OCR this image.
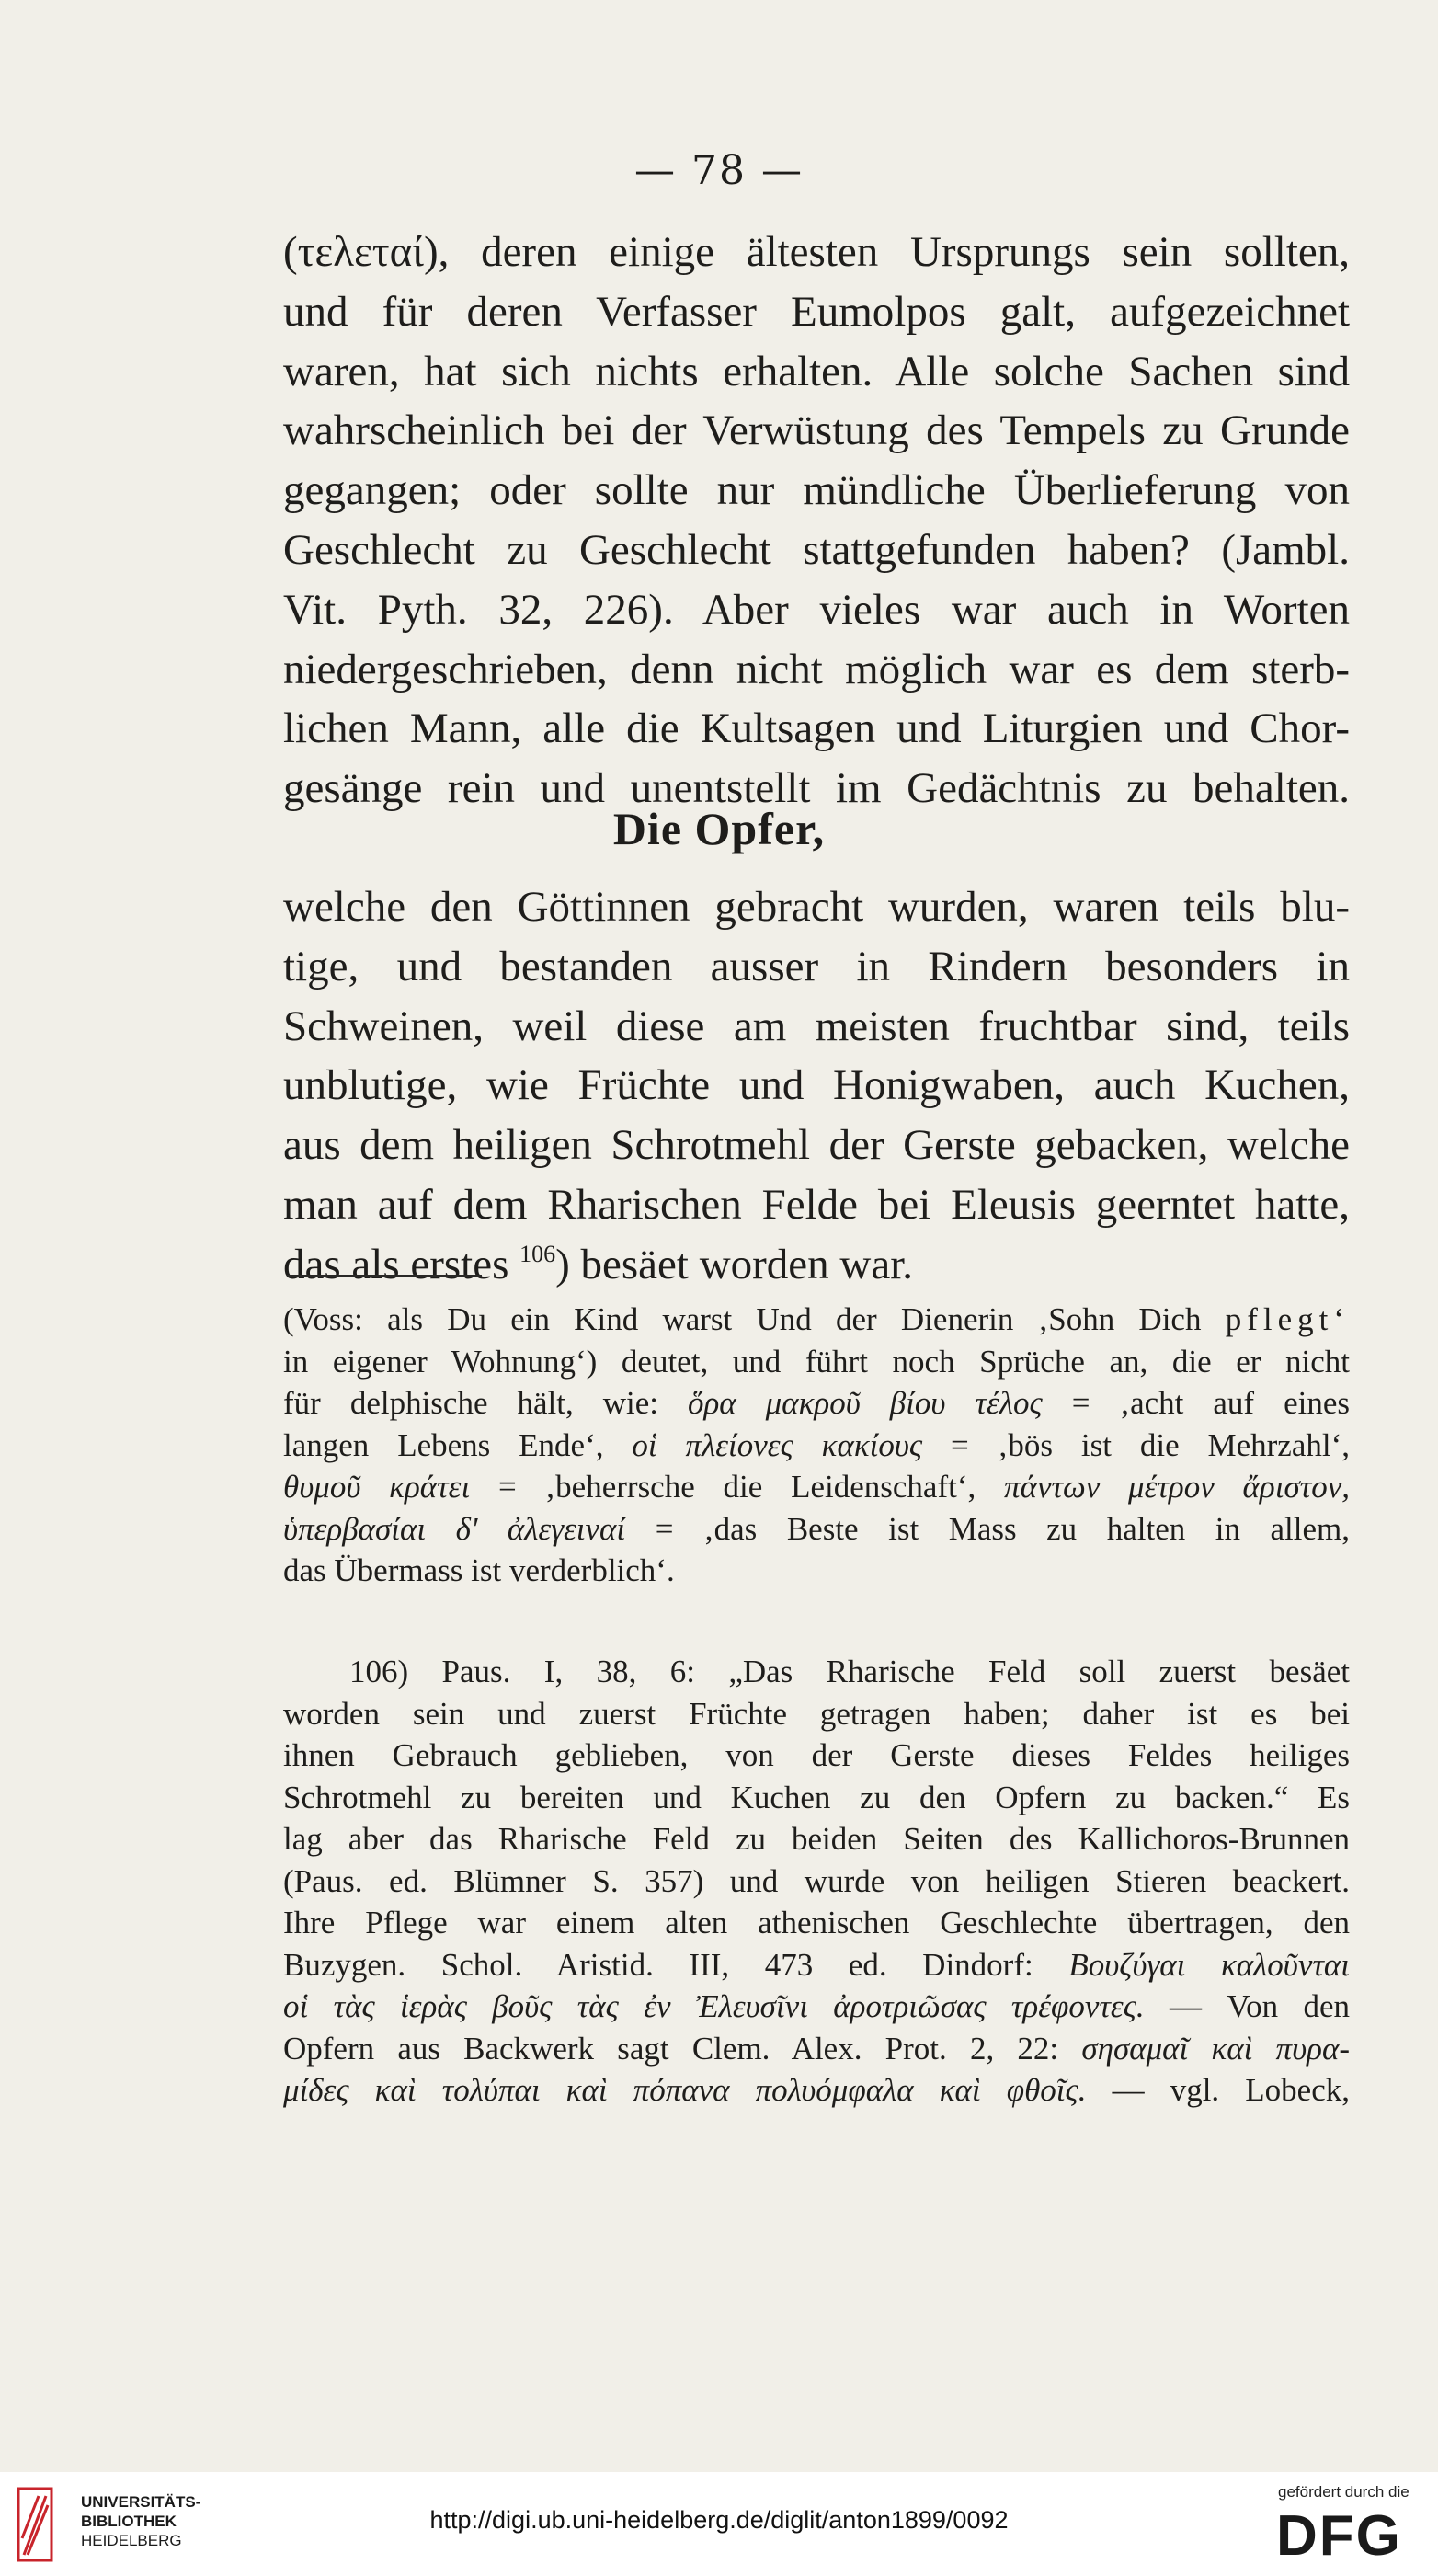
— 78 —
(τελεταί), deren einige ältesten Ursprungs sein sollten,
und für deren Verfasser Eumolpos galt, aufgezeichnet
waren, hat sich nichts erhalten. Alle solche Sachen sind
wahrscheinlich bei der Verwüstung des Tempels zu Grunde
gegangen; oder sollte nur mündliche Überlieferung von
Geschlecht zu Geschlecht stattgefunden haben? (Jambl.
Vit. Pyth. 32, 226). Aber vieles war auch in Worten
niedergeschrieben, denn nicht möglich war es dem sterb-
lichen Mann, alle die Kultsagen und Liturgien und Chor-
gesänge rein und unentstellt im Gedächtnis zu behalten.
Die Opfer,
welche den Göttinnen gebracht wurden, waren teils blu-
tige, und bestanden ausser in Rindern besonders in
Schweinen, weil diese am meisten fruchtbar sind, teils
unblutige, wie Früchte und Honigwaben, auch Kuchen,
aus dem heiligen Schrotmehl der Gerste gebacken, welche
man auf dem Rharischen Felde bei Eleusis geerntet hatte,
das als erstes $^{106}$) besäet worden war.
(Voss: als Du ein Kind warst Und der Dienerin ‚Sohn Dich pflegt‘
in eigener Wohnung‘) deutet, und führt noch Sprüche an, die er nicht
für delphische hält, wie: ὅρα μακροῦ βίου τέλος = ‚acht auf eines
langen Lebens Ende‘, οἱ πλείονες κακίους = ‚bös ist die Mehrzahl‘,
θυμοῦ κράτει = ‚beherrsche die Leidenschaft‘, πάντων μέτρον ἄριστον,
ὑπερβασίαι δ' ἀλεγειναί = ‚das Beste ist Mass zu halten in allem,
das Übermass ist verderblich‘.
106) Paus. I, 38, 6: „Das Rharische Feld soll zuerst besäet
worden sein und zuerst Früchte getragen haben; daher ist es bei
ihnen Gebrauch geblieben, von der Gerste dieses Feldes heiliges
Schrotmehl zu bereiten und Kuchen zu den Opfern zu backen.“ Es
lag aber das Rharische Feld zu beiden Seiten des Kallichoros-Brunnen
(Paus. ed. Blümner S. 357) und wurde von heiligen Stieren beackert.
Ihre Pflege war einem alten athenischen Geschlechte übertragen, den
Buzygen. Schol. Aristid. III, 473 ed. Dindorf: Βουζύγαι καλοῦνται
οἱ τὰς ἱερὰς βοῦς τὰς ἐν Ἐλευσῖνι ἀροτριῶσας τρέφοντες. — Von den
Opfern aus Backwerk sagt Clem. Alex. Prot. 2, 22: σησαμαῖ καὶ πυρα-
μίδες καὶ τολύπαι καὶ πόπανα πολυόμφαλα καὶ φθοῖς. — vgl. Lobeck,
UNIVERSITÄTS-
BIBLIOTHEK
HEIDELBERG
http://digi.ub.uni-heidelberg.de/diglit/anton1899/0092
gefördert durch die
DFG
